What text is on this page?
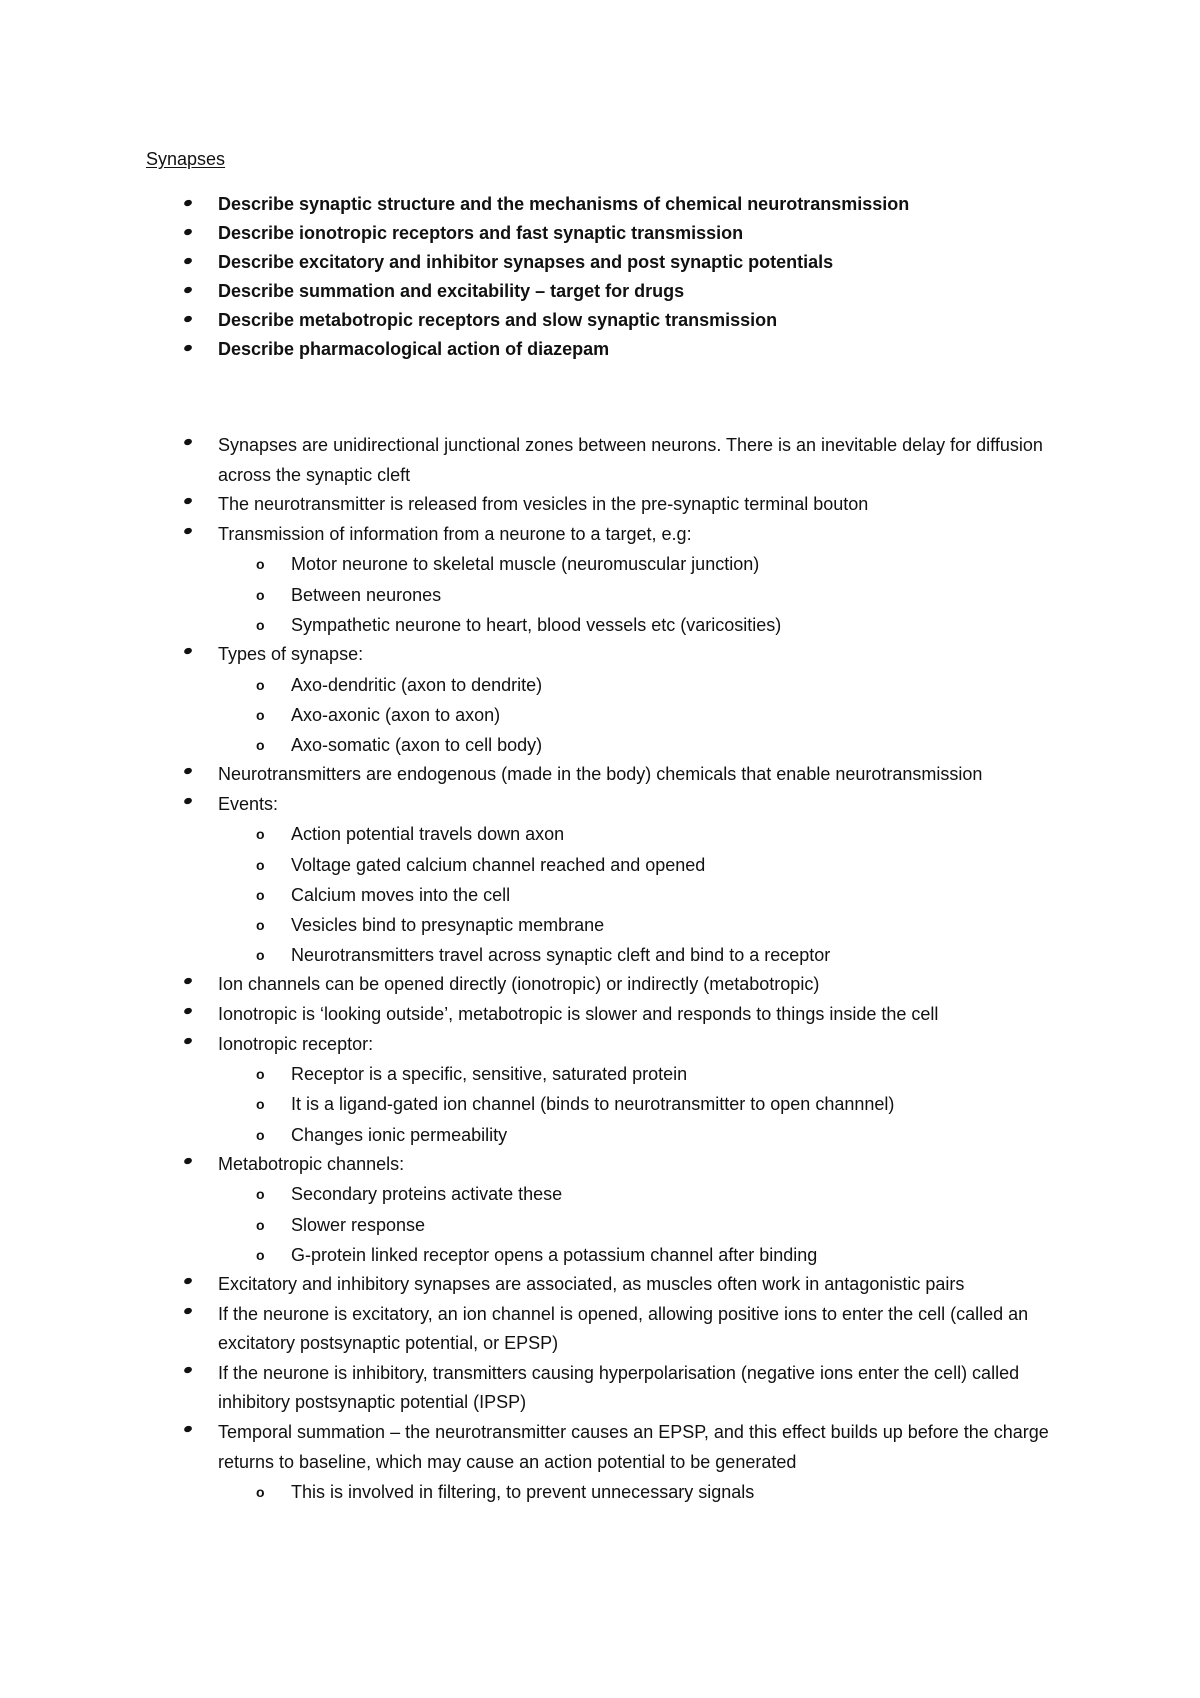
Synapses
Describe synaptic structure and the mechanisms of chemical neurotransmission
Describe ionotropic receptors and fast synaptic transmission
Describe excitatory and inhibitor synapses and post synaptic potentials
Describe summation and excitability – target for drugs
Describe metabotropic receptors and slow synaptic transmission
Describe pharmacological action of diazepam
Synapses are unidirectional junctional zones between neurons. There is an inevitable delay for diffusion across the synaptic cleft
The neurotransmitter is released from vesicles in the pre-synaptic terminal bouton
Transmission of information from a neurone to a target, e.g:
o Motor neurone to skeletal muscle (neuromuscular junction)
o Between neurones
o Sympathetic neurone to heart, blood vessels etc (varicosities)
Types of synapse:
o Axo-dendritic (axon to dendrite)
o Axo-axonic (axon to axon)
o Axo-somatic (axon to cell body)
Neurotransmitters are endogenous (made in the body) chemicals that enable neurotransmission
Events:
o Action potential travels down axon
o Voltage gated calcium channel reached and opened
o Calcium moves into the cell
o Vesicles bind to presynaptic membrane
o Neurotransmitters travel across synaptic cleft and bind to a receptor
Ion channels can be opened directly (ionotropic) or indirectly (metabotropic)
Ionotropic is ‘looking outside’, metabotropic is slower and responds to things inside the cell
Ionotropic receptor:
o Receptor is a specific, sensitive, saturated protein
o It is a ligand-gated ion channel (binds to neurotransmitter to open channnel)
o Changes ionic permeability
Metabotropic channels:
o Secondary proteins activate these
o Slower response
o G-protein linked receptor opens a potassium channel after binding
Excitatory and inhibitory synapses are associated, as muscles often work in antagonistic pairs
If the neurone is excitatory, an ion channel is opened, allowing positive ions to enter the cell (called an excitatory postsynaptic potential, or EPSP)
If the neurone is inhibitory, transmitters causing hyperpolarisation (negative ions enter the cell) called inhibitory postsynaptic potential (IPSP)
Temporal summation – the neurotransmitter causes an EPSP, and this effect builds up before the charge returns to baseline, which may cause an action potential to be generated
o This is involved in filtering, to prevent unnecessary signals
